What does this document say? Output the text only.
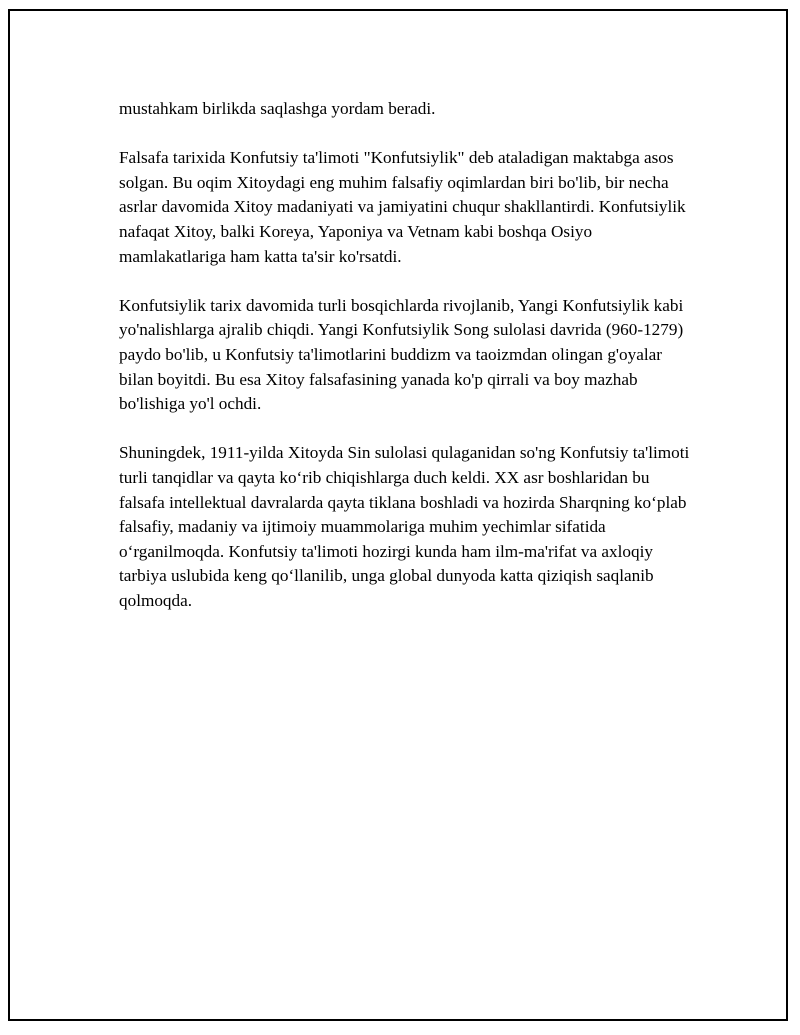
mustahkam birlikda saqlashga yordam beradi.

Falsafa tarixida Konfutsiy ta'limoti "Konfutsiylik" deb ataladigan maktabga asos solgan. Bu oqim Xitoydagi eng muhim falsafiy oqimlardan biri bo'lib, bir necha asrlar davomida Xitoy madaniyati va jamiyatini chuqur shakllantirdi. Konfutsiylik nafaqat Xitoy, balki Koreya, Yaponiya va Vetnam kabi boshqa Osiyo mamlakatlariga ham katta ta'sir ko'rsatdi.

Konfutsiylik tarix davomida turli bosqichlarda rivojlanib, Yangi Konfutsiylik kabi yo'nalishlarga ajralib chiqdi. Yangi Konfutsiylik Song sulolasi davrida (960-1279) paydo bo'lib, u Konfutsiy ta'limotlarini buddizm va taoizmdan olingan g'oyalar bilan boyitdi. Bu esa Xitoy falsafasining yanada ko'p qirrali va boy mazhab bo'lishiga yo'l ochdi.

Shuningdek, 1911-yilda Xitoyda Sin sulolasi qulaganidan so'ng Konfutsiy ta'limoti turli tanqidlar va qayta ko‘rib chiqishlarga duch keldi. XX asr boshlaridan bu falsafa intellektual davralarda qayta tiklana boshladi va hozirda Sharqning ko‘plab falsafiy, madaniy va ijtimoiy muammolariga muhim yechimlar sifatida o‘rganilmoqda. Konfutsiy ta'limoti hozirgi kunda ham ilm-ma'rifat va axloqiy tarbiya uslubida keng qo‘llanilib, unga global dunyoda katta qiziqish saqlanib qolmoqda.
